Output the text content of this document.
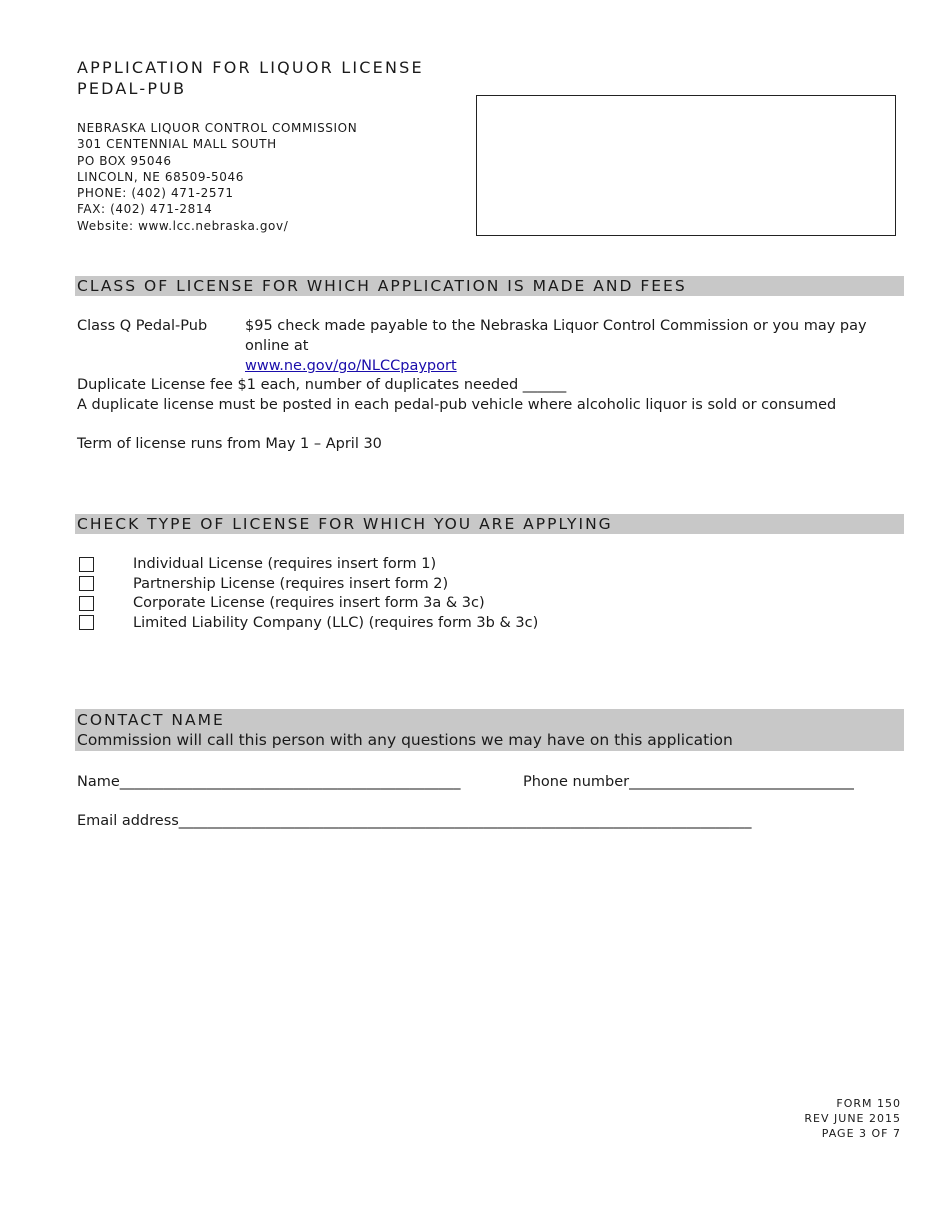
APPLICATION FOR LIQUOR LICENSE
PEDAL-PUB
NEBRASKA LIQUOR CONTROL COMMISSION
301 CENTENNIAL MALL SOUTH
PO BOX 95046
LINCOLN, NE 68509-5046
PHONE: (402) 471-2571
FAX: (402) 471-2814
Website: www.lcc.nebraska.gov/
CLASS OF LICENSE FOR WHICH APPLICATION IS MADE AND FEES
Class Q Pedal-Pub	$95 check made payable to the Nebraska Liquor Control Commission or you may pay online at
www.ne.gov/go/NLCCpayport
Duplicate License fee $1 each, number of duplicates needed ______
A duplicate license must be posted in each pedal-pub vehicle where alcoholic liquor is sold or consumed
Term of license runs from May 1 – April 30
CHECK TYPE OF LICENSE FOR WHICH YOU ARE APPLYING
Individual License (requires insert form 1)
Partnership License (requires insert form 2)
Corporate License (requires insert form 3a & 3c)
Limited Liability Company (LLC) (requires form 3b & 3c)
CONTACT NAME
Commission will call this person with any questions we may have on this application
Name_______________________________________________	Phone number_______________________________
Email address_______________________________________________________________________________
FORM 150
REV JUNE 2015
PAGE 3 OF 7
